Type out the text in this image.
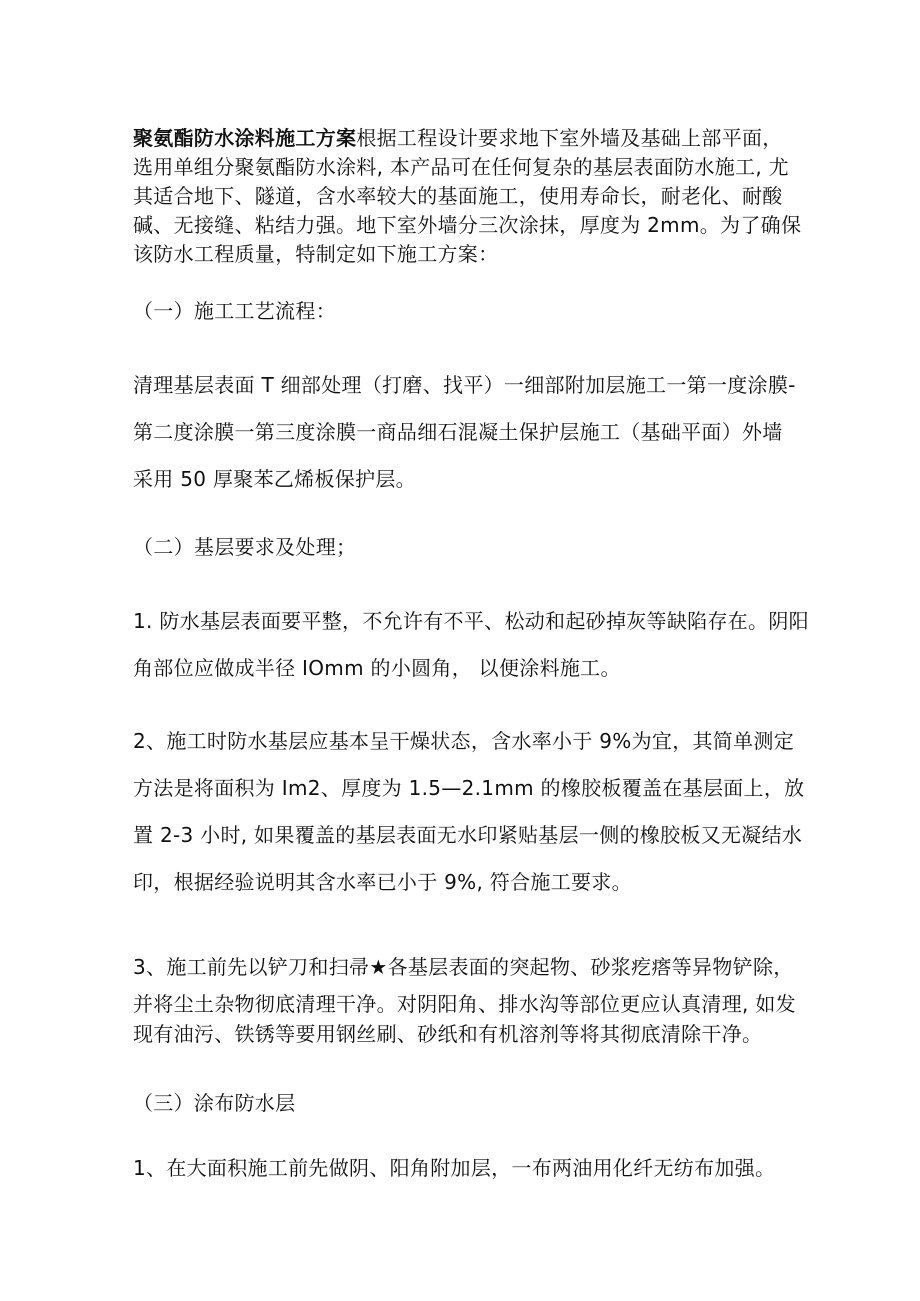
聚氨酯防水涂料施工方案根据工程设计要求地下室外墙及基础上部平面，
选用单组分聚氨酯防水涂料, 本产品可在任何复杂的基层表面防水施工, 尤
其适合地下、隧道，含水率较大的基面施工，使用寿命长，耐老化、耐酸
碱、无接缝、粘结力强。地下室外墙分三次涂抹，厚度为 2mm。为了确保
该防水工程质量，特制定如下施工方案：

（一）施工工艺流程：

清理基层表面 T 细部处理（打磨、找平）一细部附加层施工一第一度涂膜-
第二度涂膜一第三度涂膜一商品细石混凝土保护层施工（基础平面）外墙
采用 50 厚聚苯乙烯板保护层。

（二）基层要求及处理；

1. 防水基层表面要平整，不允许有不平、松动和起砂掉灰等缺陷存在。阴阳
角部位应做成半径 IOmm 的小圆角， 以便涂料施工。

2、施工时防水基层应基本呈干燥状态，含水率小于 9%为宜，其简单测定
方法是将面积为 Im2、厚度为 1.5—2.1mm 的橡胶板覆盖在基层面上，放
置 2-3 小时, 如果覆盖的基层表面无水印紧贴基层一侧的橡胶板又无凝结水
印，根据经验说明其含水率已小于 9%, 符合施工要求。

3、施工前先以铲刀和扫帚★各基层表面的突起物、砂浆疙瘩等异物铲除，
并将尘土杂物彻底清理干净。对阴阳角、排水沟等部位更应认真清理, 如发
现有油污、铁锈等要用钢丝刷、砂纸和有机溶剂等将其彻底清除干净。

（三）涂布防水层

1、在大面积施工前先做阴、阳角附加层，一布两油用化纤无纺布加强。
